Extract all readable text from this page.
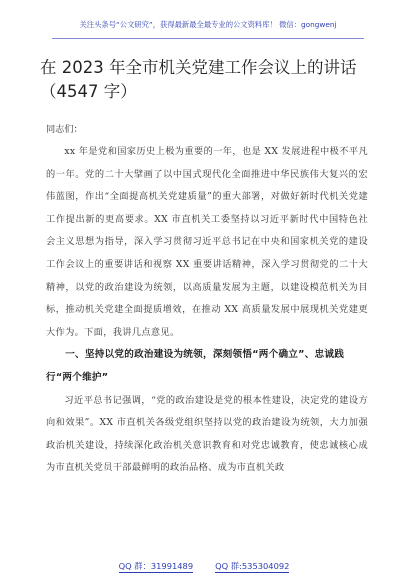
关注头条号“公文研究”，获得最新最全最专业的公文资料库！ 微信：gongwenj
在 2023 年全市机关党建工作会议上的讲话（4547 字）

同志们：

xx 年是党和国家历史上极为重要的一年，也是 XX 发展进程中极不平凡的一年。党的二十大擘画了以中国式现代化全面推进中华民族伟大复兴的宏伟蓝图，作出“全面提高机关党建质量”的重大部署，对做好新时代机关党建工作提出新的更高要求。XX 市直机关工委坚持以习近平新时代中国特色社会主义思想为指导，深入学习贯彻习近平总书记在中央和国家机关党的建设工作会议上的重要讲话和视察 XX 重要讲话精神，深入学习贯彻党的二十大精神，以党的政治建设为统领，以高质量发展为主题，以建设模范机关为目标，推动机关党建全面提质增效，在推动 XX 高质量发展中展现机关党建更大作为。下面，我讲几点意见。

一、坚持以党的政治建设为统领，深刻领悟“两个确立”、忠诚践行“两个维护”

习近平总书记强调，“党的政治建设是党的根本性建设，决定党的建设方向和效果”。XX 市直机关各级党组织坚持以党的政治建设为统领，大力加强政治机关建设，持续深化政治机关意识教育和对党忠诚教育，使忠诚核心成为市直机关党员干部最鲜明的政治品格、成为市直机关政

QQ 群：31991489	QQ 群:535304092
